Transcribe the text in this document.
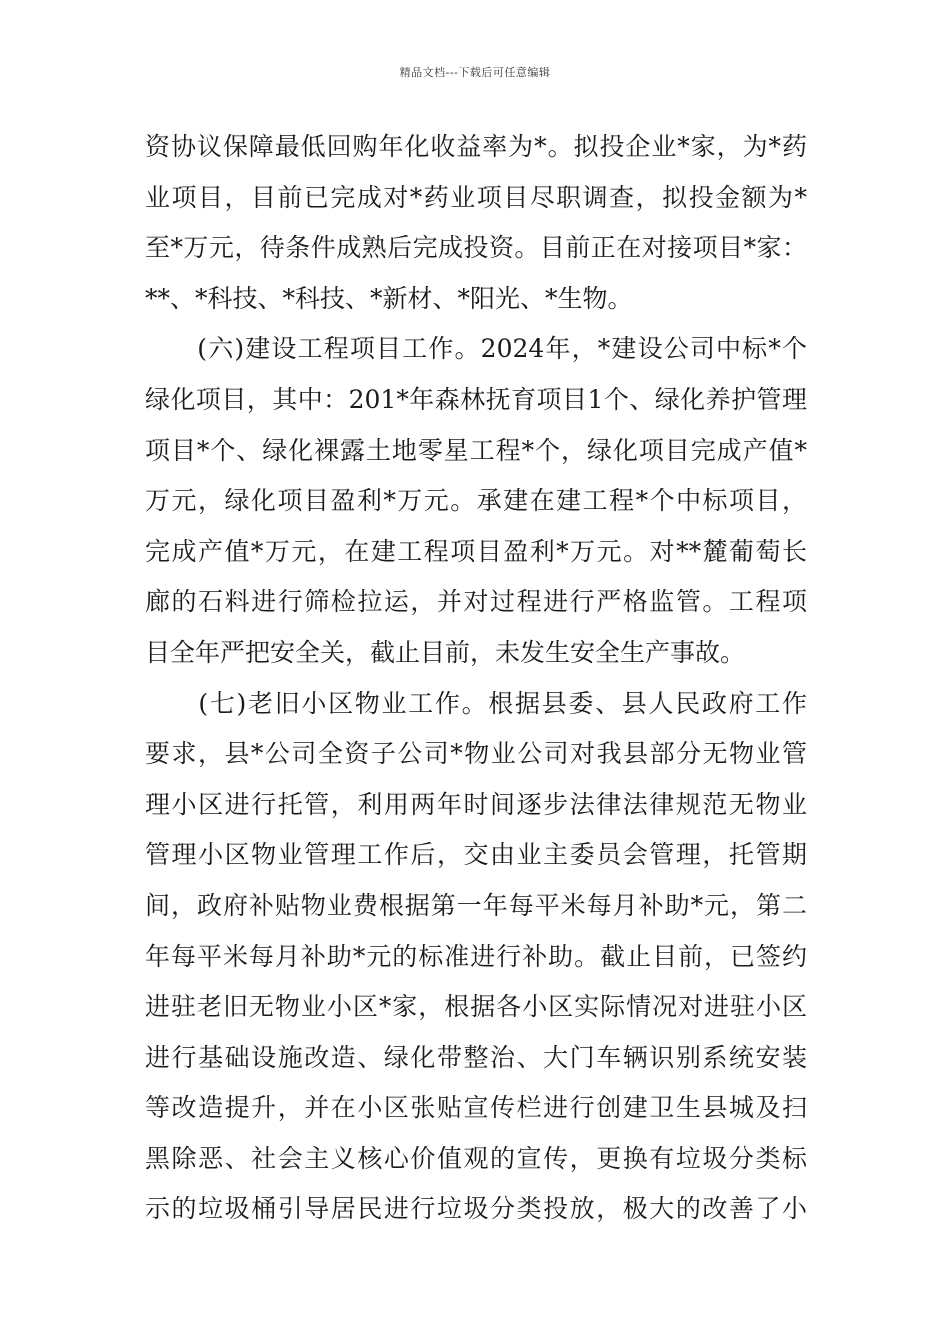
精品文档---下载后可任意编辑
资协议保障最低回购年化收益率为*。拟投企业*家，为*药
业项目，目前已完成对*药业项目尽职调查，拟投金额为*
至*万元，待条件成熟后完成投资。目前正在对接项目*家：
**、*科技、*科技、*新材、*阳光、*生物。
　　(六)建设工程项目工作。2024年，*建设公司中标*个
绿化项目，其中：201*年森林抚育项目1个、绿化养护管理
项目*个、绿化裸露土地零星工程*个，绿化项目完成产值*
万元，绿化项目盈利*万元。承建在建工程*个中标项目，
完成产值*万元，在建工程项目盈利*万元。对**麓葡萄长
廊的石料进行筛检拉运，并对过程进行严格监管。工程项
目全年严把安全关，截止目前，未发生安全生产事故。
　　(七)老旧小区物业工作。根据县委、县人民政府工作
要求，县*公司全资子公司*物业公司对我县部分无物业管
理小区进行托管，利用两年时间逐步法律法律规范无物业
管理小区物业管理工作后，交由业主委员会管理，托管期
间，政府补贴物业费根据第一年每平米每月补助*元，第二
年每平米每月补助*元的标准进行补助。截止目前，已签约
进驻老旧无物业小区*家，根据各小区实际情况对进驻小区
进行基础设施改造、绿化带整治、大门车辆识别系统安装
等改造提升，并在小区张贴宣传栏进行创建卫生县城及扫
黑除恶、社会主义核心价值观的宣传，更换有垃圾分类标
示的垃圾桶引导居民进行垃圾分类投放，极大的改善了小
